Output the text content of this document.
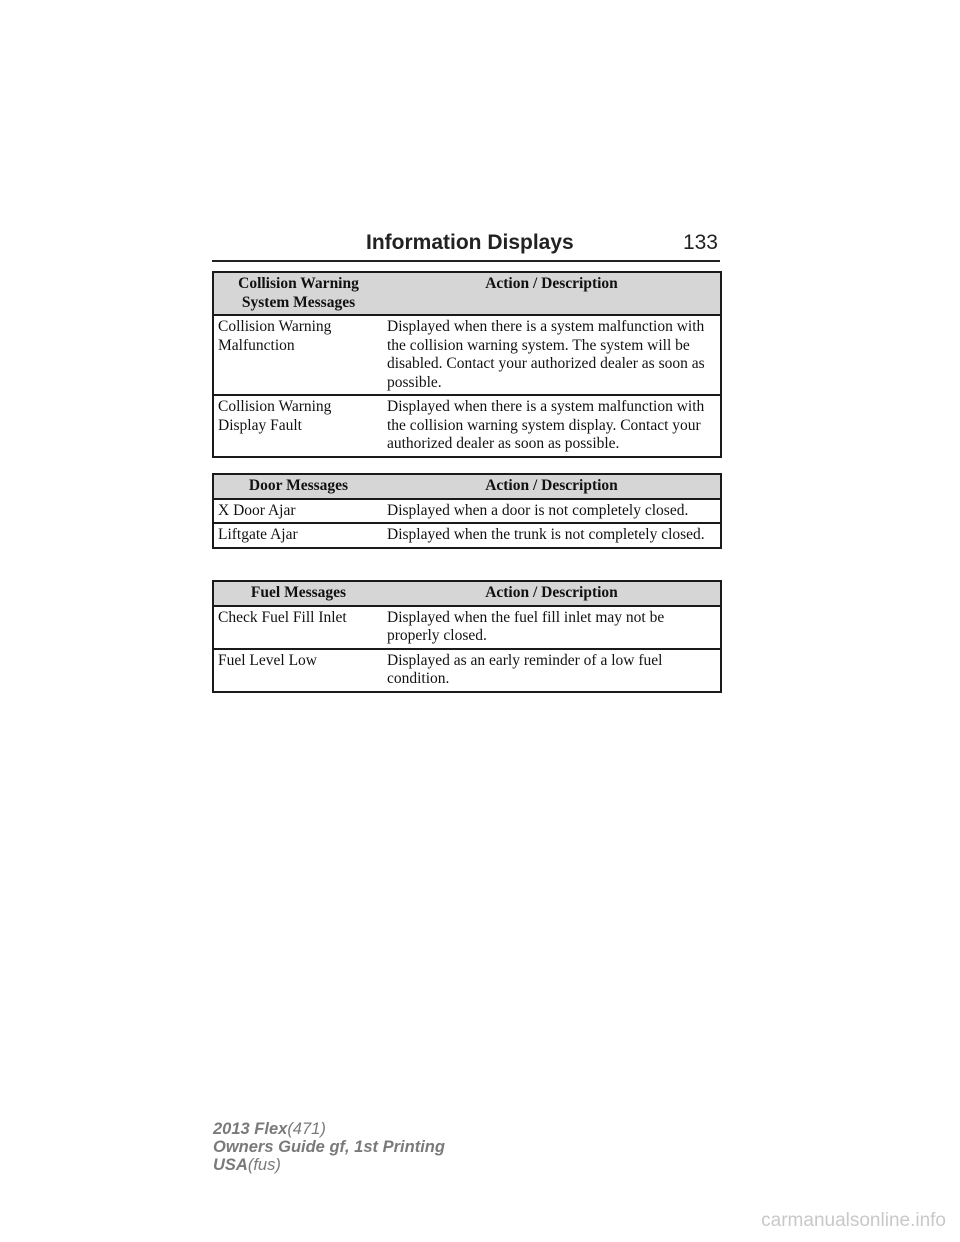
Information Displays	133
Collision Warning System Messages	Action / Description

Collision Warning Malfunction	Displayed when there is a system malfunction with the collision warning system. The system will be disabled. Contact your authorized dealer as soon as possible.

Collision Warning Display Fault	Displayed when there is a system malfunction with the collision warning system display. Contact your authorized dealer as soon as possible.
Door Messages	Action / Description
X Door Ajar	Displayed when a door is not completely closed.
Liftgate Ajar	Displayed when the trunk is not completely closed.
Fuel Messages	Action / Description
Check Fuel Fill Inlet	Displayed when the fuel fill inlet may not be properly closed.
Fuel Level Low	Displayed as an early reminder of a low fuel condition.
2013 Flex(471)
Owners Guide gf, 1st Printing
USA(fus)
carmanualsonline.info
